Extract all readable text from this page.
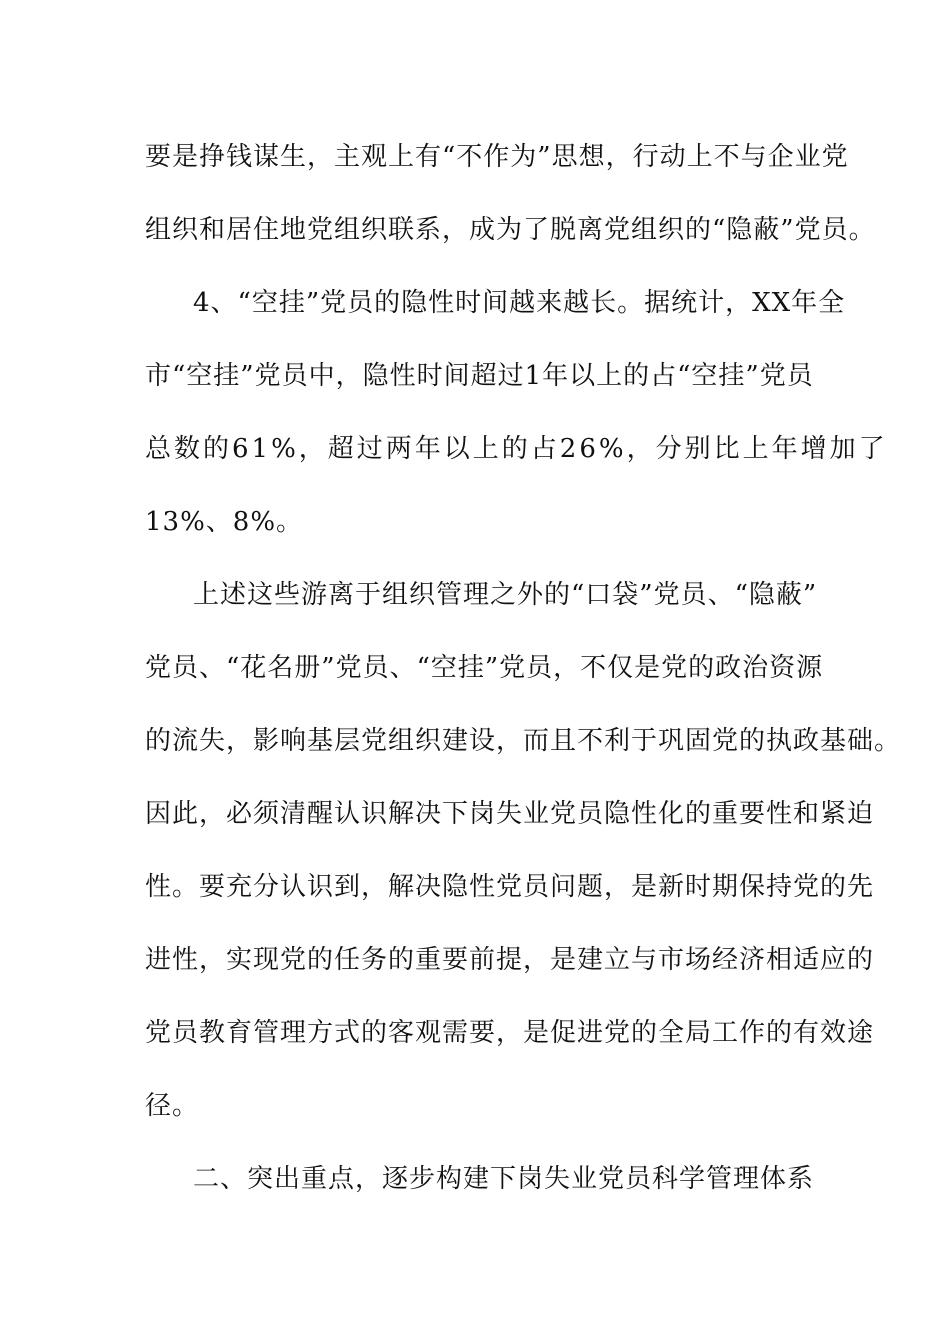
要是挣钱谋生，主观上有“不作为”思想，行动上不与企业党
组织和居住地党组织联系，成为了脱离党组织的“隐蔽”党员。
4、“空挂”党员的隐性时间越来越长。据统计，XX年全
市“空挂”党员中，隐性时间超过1年以上的占“空挂”党员
总数的61%，超过两年以上的占26%，分别比上年增加了
13%、8%。
上述这些游离于组织管理之外的“口袋”党员、“隐蔽”
党员、“花名册”党员、“空挂”党员，不仅是党的政治资源
的流失，影响基层党组织建设，而且不利于巩固党的执政基础。
因此，必须清醒认识解决下岗失业党员隐性化的重要性和紧迫
性。要充分认识到，解决隐性党员问题，是新时期保持党的先
进性，实现党的任务的重要前提，是建立与市场经济相适应的
党员教育管理方式的客观需要，是促进党的全局工作的有效途
径。
二、突出重点，逐步构建下岗失业党员科学管理体系
